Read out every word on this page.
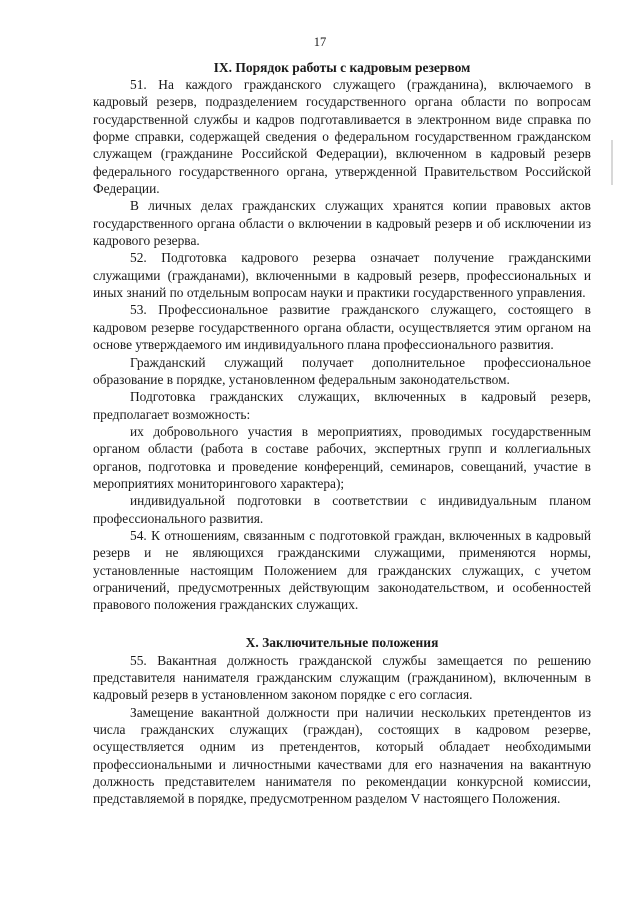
17
IX. Порядок работы с кадровым резервом

51. На каждого гражданского служащего (гражданина), включаемого в кадровый резерв, подразделением государственного органа области по вопросам государственной службы и кадров подготавливается в электронном виде справка по форме справки, содержащей сведения о федеральном государственном гражданском служащем (гражданине Российской Федерации), включенном в кадровый резерв федерального государственного органа, утвержденной Правительством Российской Федерации.

В личных делах гражданских служащих хранятся копии правовых актов государственного органа области о включении в кадровый резерв и об исключении из кадрового резерва.

52. Подготовка кадрового резерва означает получение гражданскими служащими (гражданами), включенными в кадровый резерв, профессиональных и иных знаний по отдельным вопросам науки и практики государственного управления.

53. Профессиональное развитие гражданского служащего, состоящего в кадровом резерве государственного органа области, осуществляется этим органом на основе утверждаемого им индивидуального плана профессионального развития.

Гражданский служащий получает дополнительное профессиональное образование в порядке, установленном федеральным законодательством.

Подготовка гражданских служащих, включенных в кадровый резерв, предполагает возможность:

их добровольного участия в мероприятиях, проводимых государственным органом области (работа в составе рабочих, экспертных групп и коллегиальных органов, подготовка и проведение конференций, семинаров, совещаний, участие в мероприятиях мониторингового характера);

индивидуальной подготовки в соответствии с индивидуальным планом профессионального развития.

54. К отношениям, связанным с подготовкой граждан, включенных в кадровый резерв и не являющихся гражданскими служащими, применяются нормы, установленные настоящим Положением для гражданских служащих, с учетом ограничений, предусмотренных действующим законодательством, и особенностей правового положения гражданских служащих.

X. Заключительные положения

55. Вакантная должность гражданской службы замещается по решению представителя нанимателя гражданским служащим (гражданином), включенным в кадровый резерв в установленном законом порядке с его согласия.

Замещение вакантной должности при наличии нескольких претендентов из числа гражданских служащих (граждан), состоящих в кадровом резерве, осуществляется одним из претендентов, который обладает необходимыми профессиональными и личностными качествами для его назначения на вакантную должность представителем нанимателя по рекомендации конкурсной комиссии, представляемой в порядке, предусмотренном разделом V настоящего Положения.
